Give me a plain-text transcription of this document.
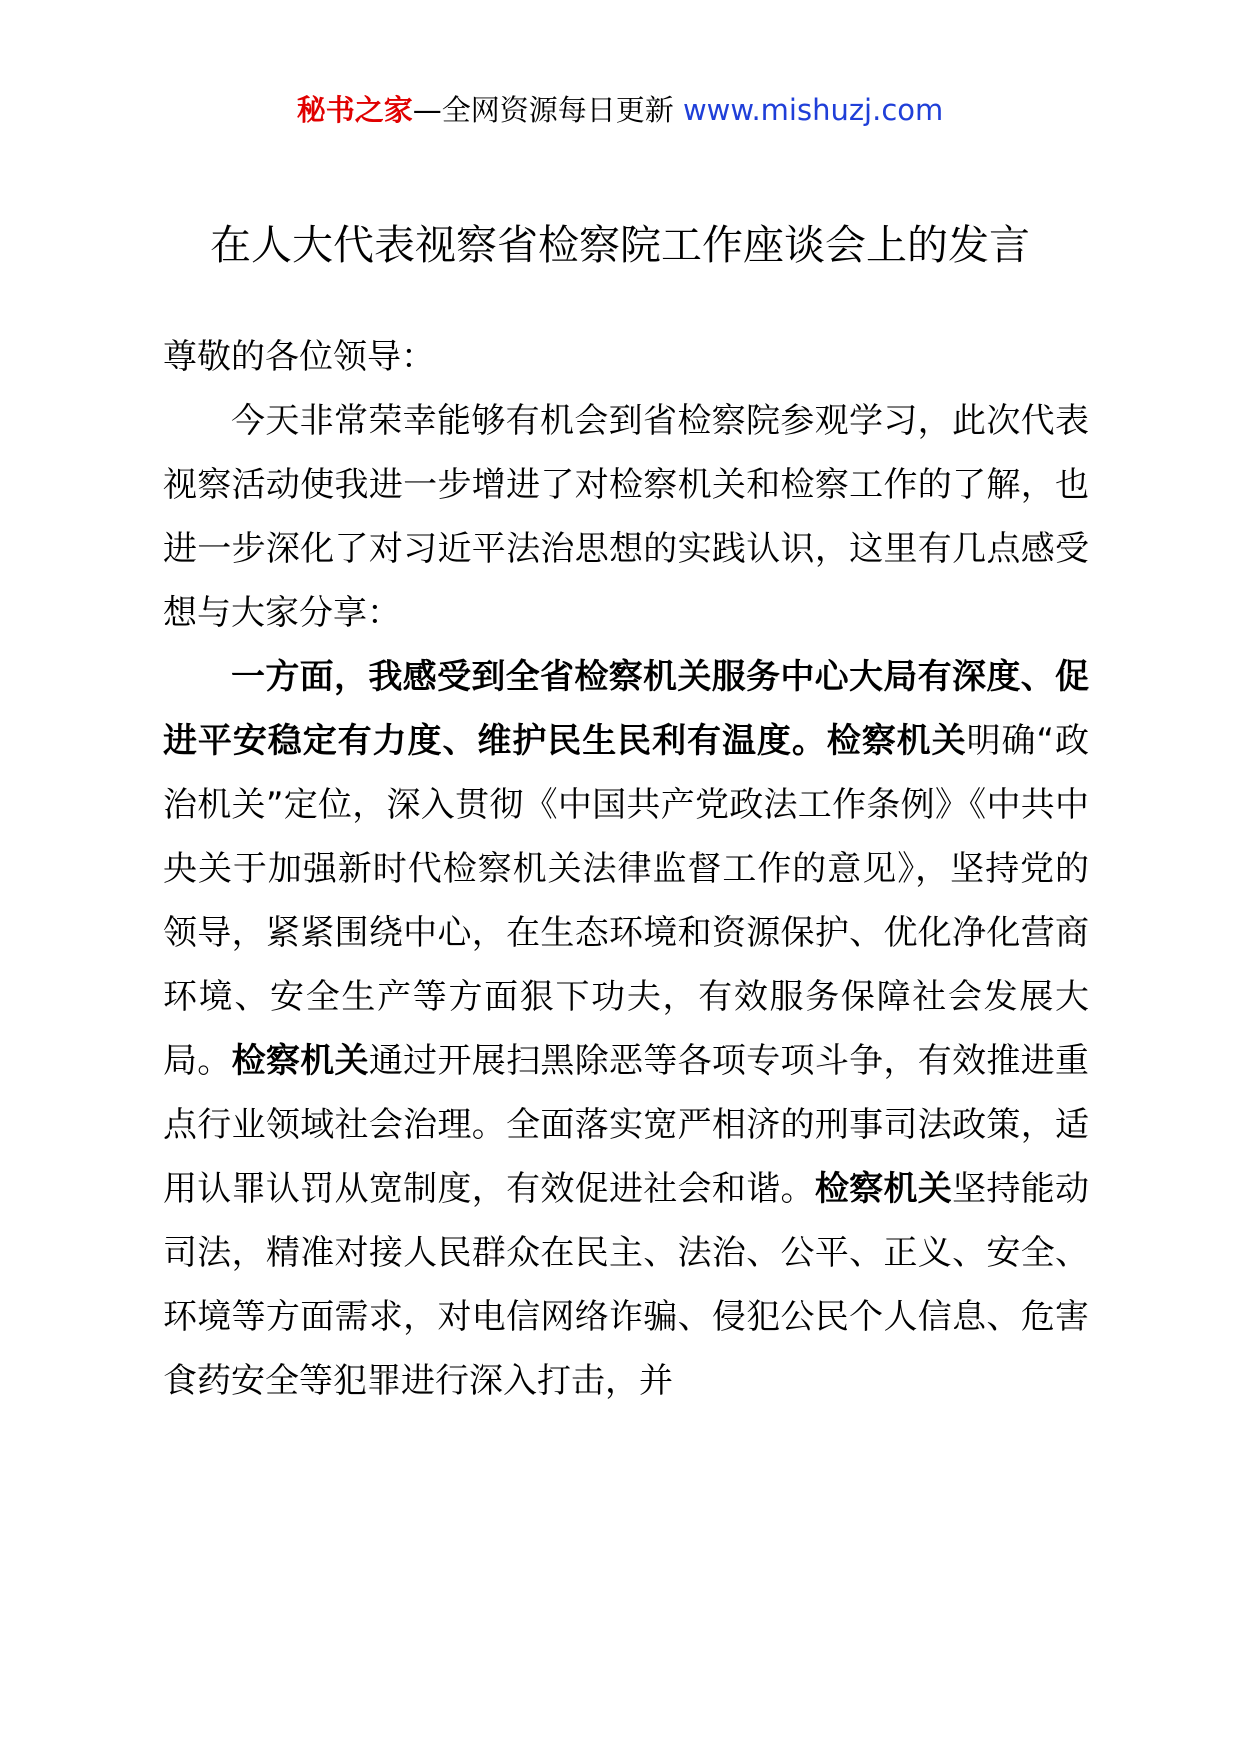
秘书之家—全网资源每日更新 www.mishuzj.com
在人大代表视察省检察院工作座谈会上的发言

尊敬的各位领导：

今天非常荣幸能够有机会到省检察院参观学习，此次代表视察活动使我进一步增进了对检察机关和检察工作的了解，也进一步深化了对习近平法治思想的实践认识，这里有几点感受想与大家分享：

一方面，我感受到全省检察机关服务中心大局有深度、促进平安稳定有力度、维护民生民利有温度。检察机关明确“政治机关”定位，深入贯彻《中国共产党政法工作条例》《中共中央关于加强新时代检察机关法律监督工作的意见》，坚持党的领导，紧紧围绕中心，在生态环境和资源保护、优化净化营商环境、安全生产等方面狠下功夫，有效服务保障社会发展大局。检察机关通过开展扫黑除恶等各项专项斗争，有效推进重点行业领域社会治理。全面落实宽严相济的刑事司法政策，适用认罪认罚从宽制度，有效促进社会和谐。检察机关坚持能动司法，精准对接人民群众在民主、法治、公平、正义、安全、环境等方面需求，对电信网络诈骗、侵犯公民个人信息、危害食药安全等犯罪进行深入打击，并
